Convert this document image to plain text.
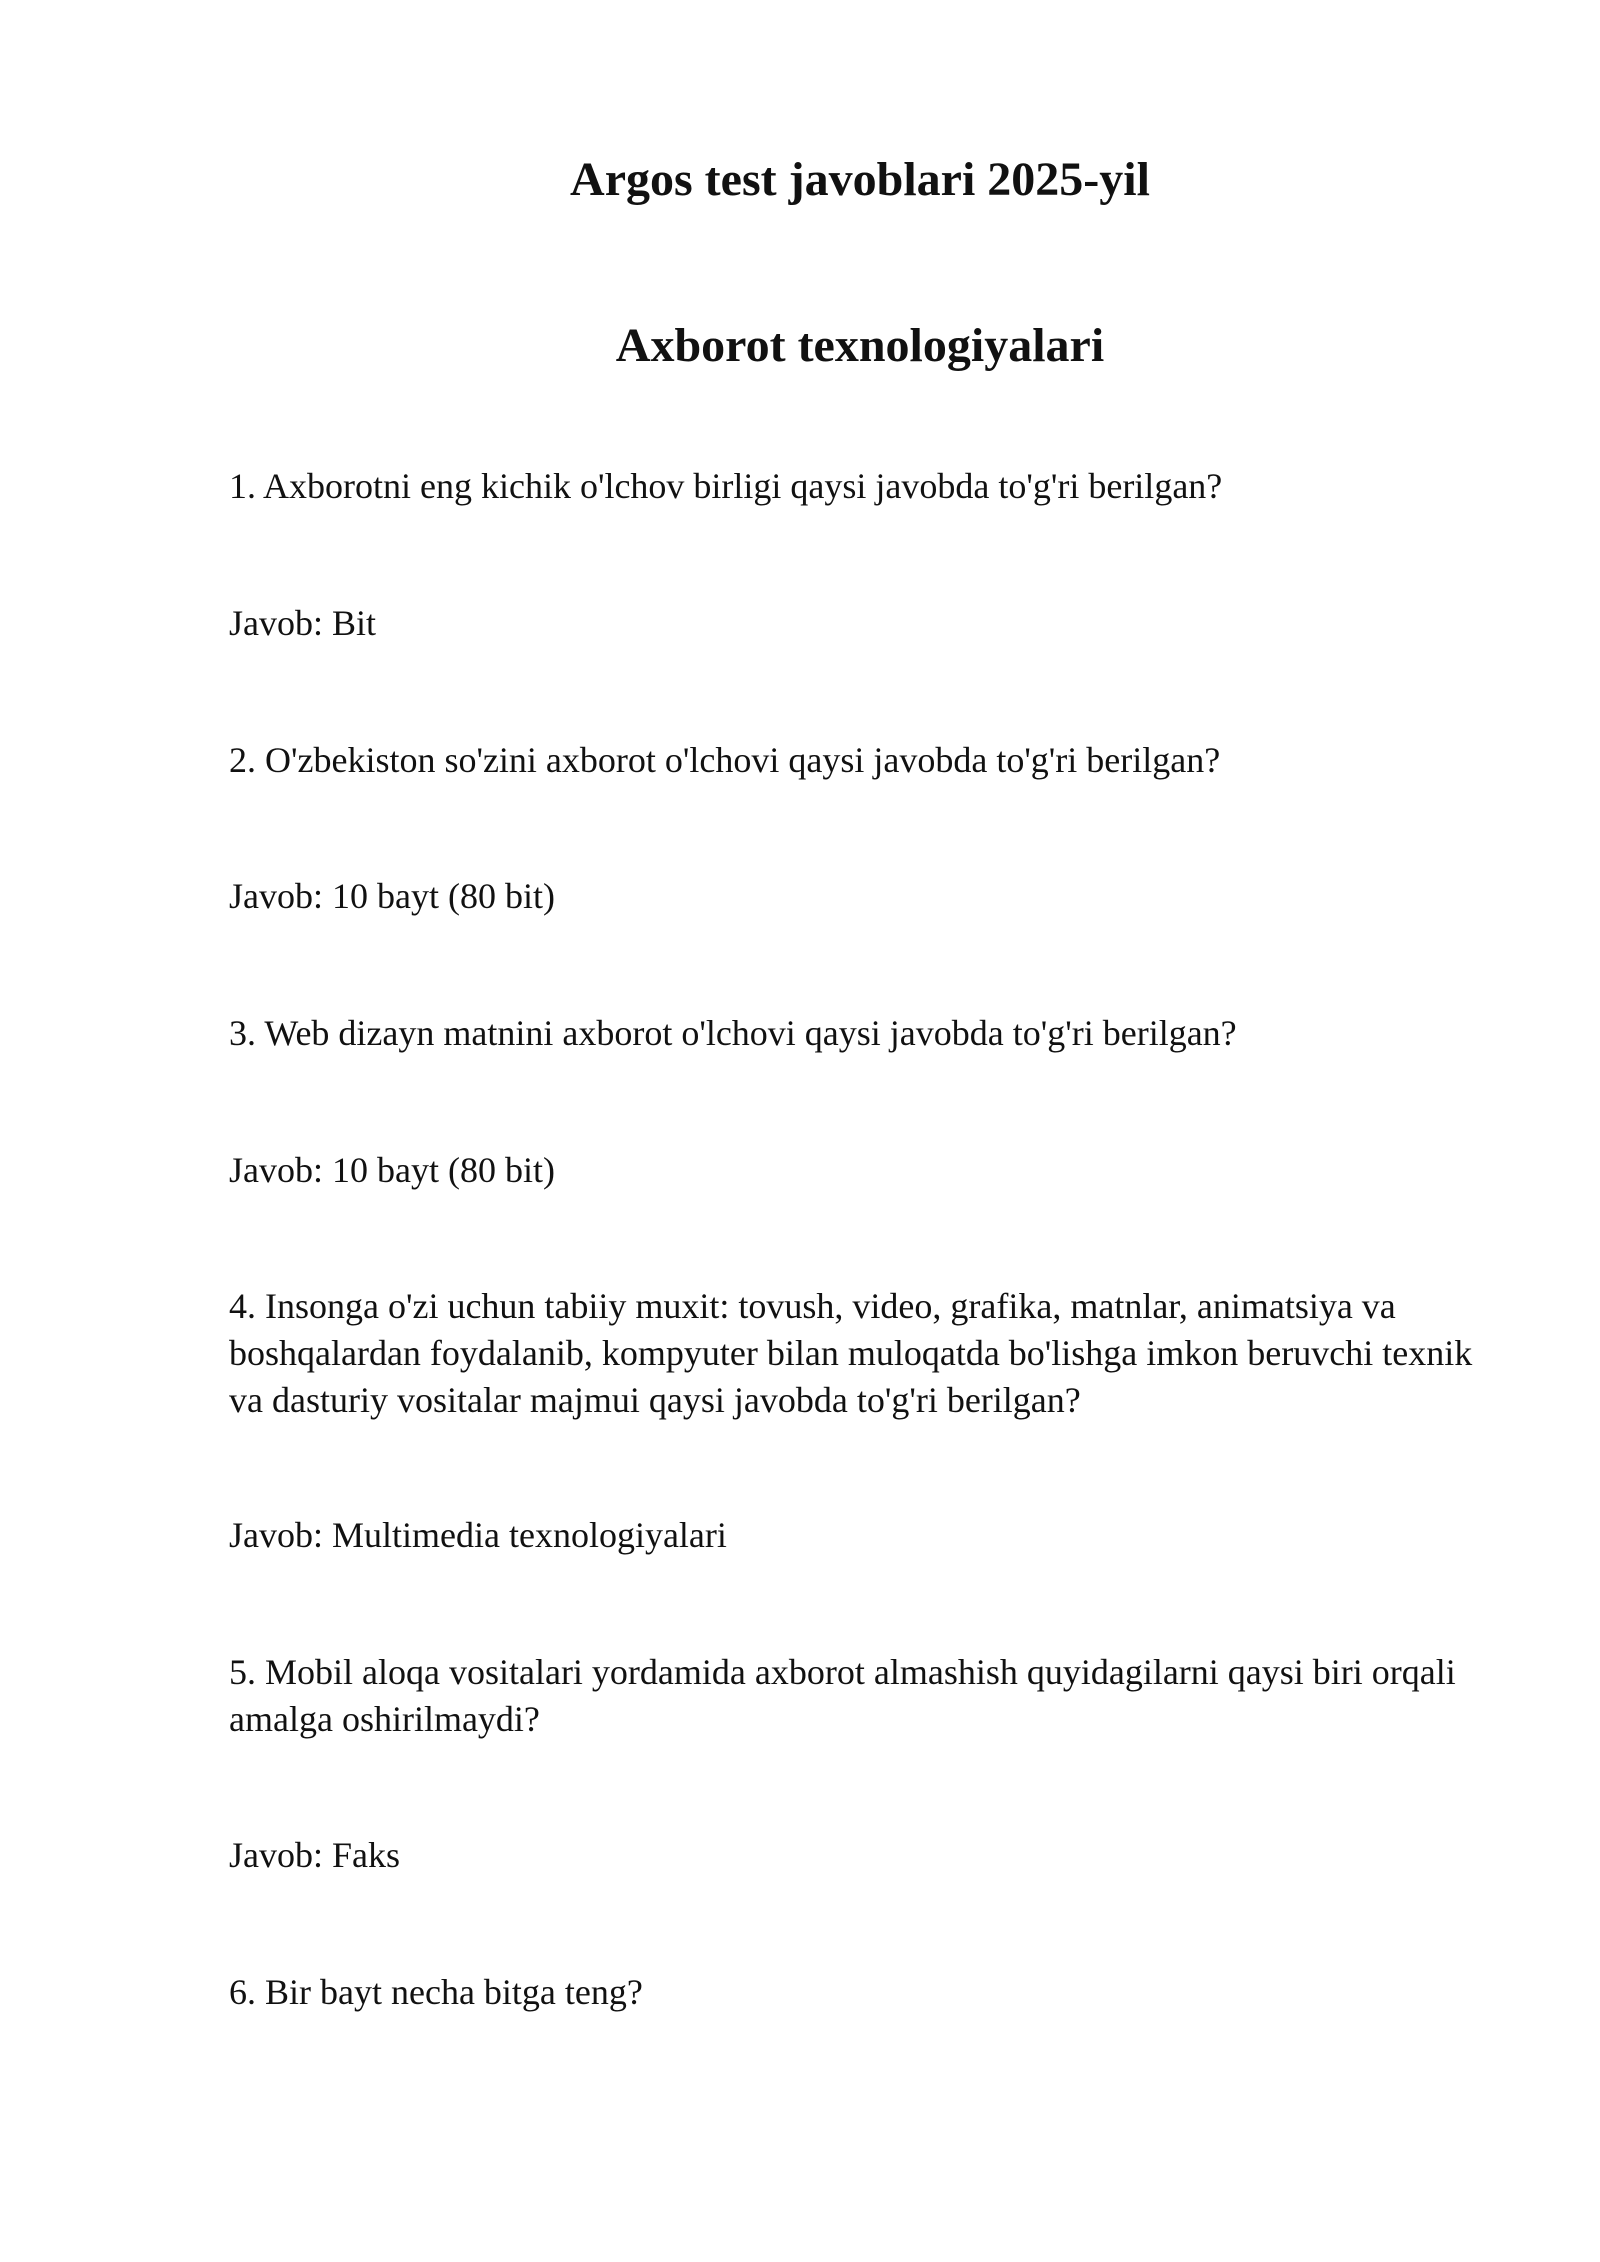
Argos test javoblari 2025-yil
Axborot texnologiyalari

1. Axborotni eng kichik o'lchov birligi qaysi javobda to'g'ri berilgan?

Javob: Bit

2. O'zbekiston so'zini axborot o'lchovi qaysi javobda to'g'ri berilgan?

Javob: 10 bayt (80 bit)

3. Web dizayn matnini axborot o'lchovi qaysi javobda to'g'ri berilgan?

Javob: 10 bayt (80 bit)

4. Insonga o'zi uchun tabiiy muxit: tovush, video, grafika, matnlar, animatsiya va boshqalardan foydalanib, kompyuter bilan muloqatda bo'lishga imkon beruvchi texnik va dasturiy vositalar majmui qaysi javobda to'g'ri berilgan?

Javob: Multimedia texnologiyalari

5. Mobil aloqa vositalari yordamida axborot almashish quyidagilarni qaysi biri orqali amalga oshirilmaydi?

Javob: Faks

6. Bir bayt necha bitga teng?
